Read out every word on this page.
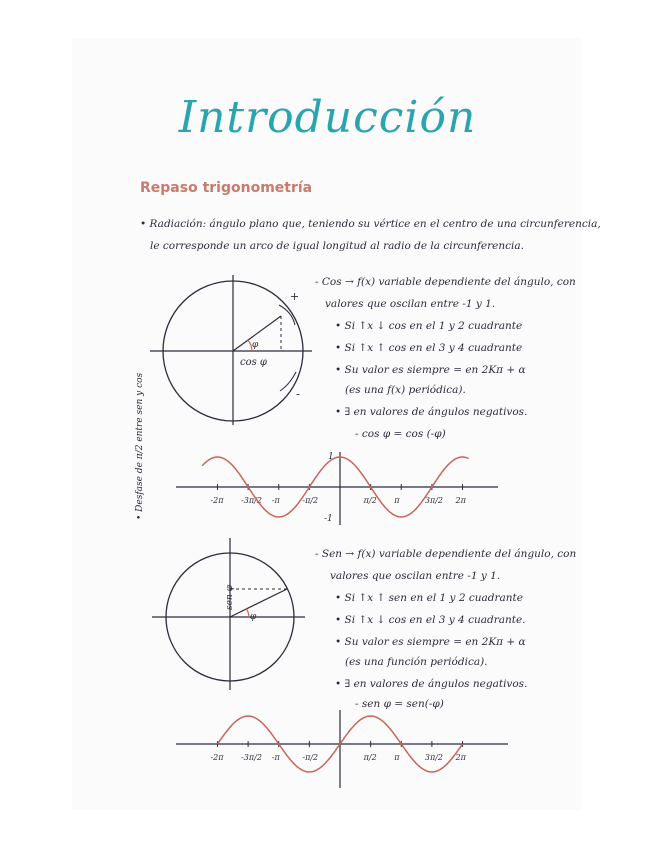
Introducción
Repaso trigonometría
• Radiación: ángulo plano que, teniendo su vértice en el centro de una circunferencia,
le corresponde un arco de igual longitud al radio de la circunferencia.
- Cos → f(x) variable dependiente del ángulo, con
valores que oscilan entre -1 y 1.
• Si ↑x ↓ cos en el 1 y 2 cuadrante
• Si ↑x ↑ cos en el 3 y 4 cuadrante
• Su valor es siempre = en 2Kπ + α
(es una f(x) periódica).
• ∃ en valores de ángulos negativos.
- cos φ = cos (-φ)
- Sen → f(x) variable dependiente del ángulo, con
valores que oscilan entre -1 y 1.
• Si ↑x ↑ sen en el 1 y 2 cuadrante
• Si ↑x ↓ cos en el 3 y 4 cuadrante.
• Su valor es siempre = en 2Kπ + α
(es una función periódica).
• ∃ en valores de ángulos negativos.
- sen φ = sen(-φ)
• Desfase de π/2 entre sen y cos
φ
cos φ
+
-
-2π -3π/2 -π	-π/2	π/2 π	3π/2 2π
1
-1
φ
sen φ
-2π -3π/2 -π	-π/2	π/2 π	3π/2 2π
